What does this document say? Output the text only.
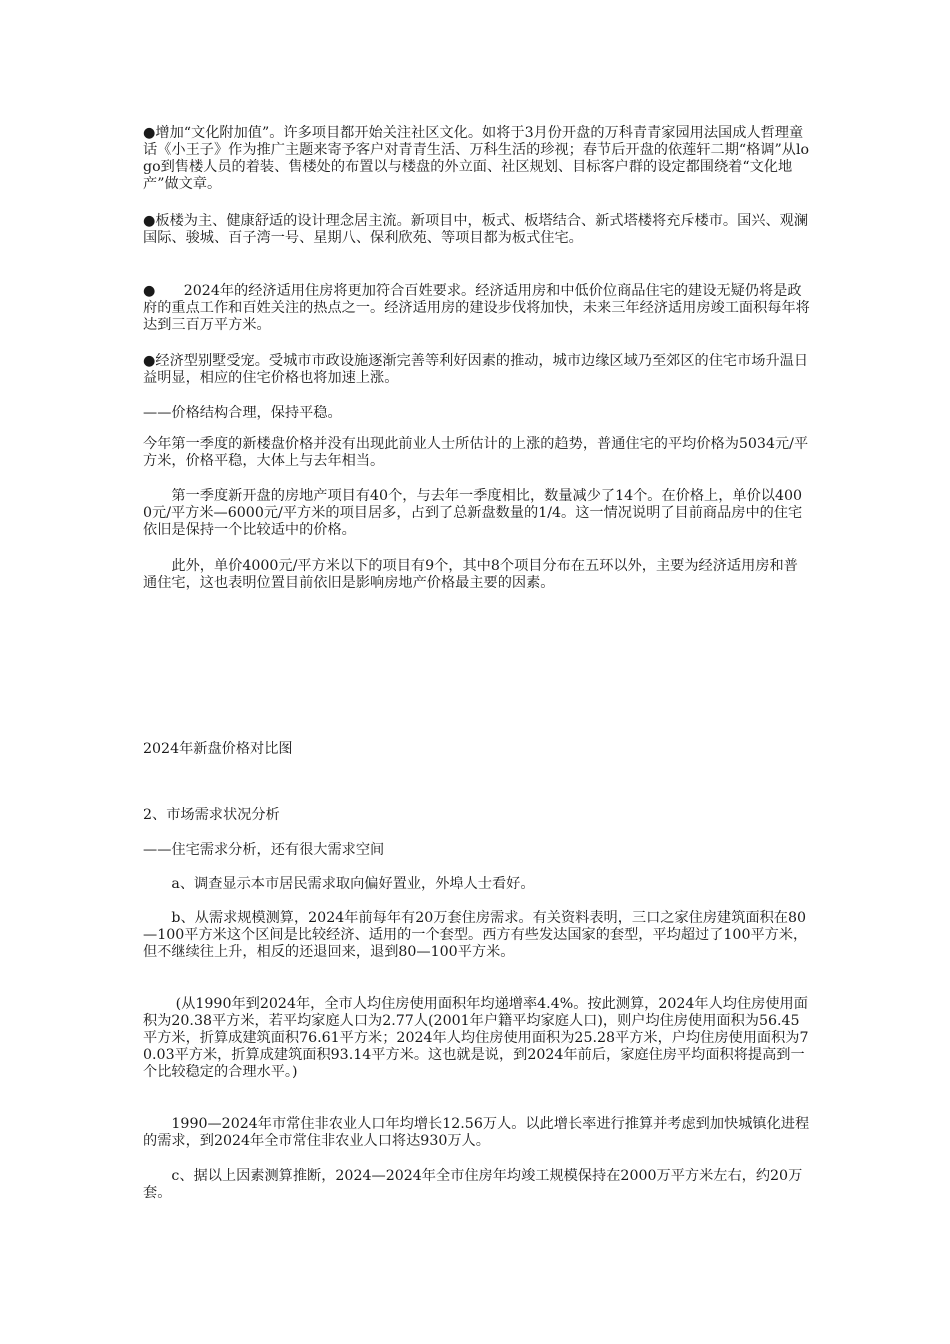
●增加“文化附加值”。许多项目都开始关注社区文化。如将于3月份开盘的万科青青家园用法国成人哲理童话《小王子》作为推广主题来寄予客户对青青生活、万科生活的珍视；春节后开盘的依莲轩二期“格调”从logo到售楼人员的着装、售楼处的布置以与楼盘的外立面、社区规划、目标客户群的设定都围绕着“文化地产”做文章。

●板楼为主、健康舒适的设计理念居主流。新项目中，板式、板塔结合、新式塔楼将充斥楼市。国兴、观澜国际、骏城、百子湾一号、星期八、保利欣苑、等项目都为板式住宅。

●　　2024年的经济适用住房将更加符合百姓要求。经济适用房和中低价位商品住宅的建设无疑仍将是政府的重点工作和百姓关注的热点之一。经济适用房的建设步伐将加快，未来三年经济适用房竣工面积每年将达到三百万平方米。

●经济型别墅受宠。受城市市政设施逐渐完善等利好因素的推动，城市边缘区域乃至郊区的住宅市场升温日益明显，相应的住宅价格也将加速上涨。

——价格结构合理，保持平稳。

今年第一季度的新楼盘价格并没有出现此前业人士所估计的上涨的趋势，普通住宅的平均价格为5034元/平方米，价格平稳，大体上与去年相当。

第一季度新开盘的房地产项目有40个，与去年一季度相比，数量减少了14个。在价格上，单价以4000元/平方米—6000元/平方米的项目居多，占到了总新盘数量的1/4。这一情况说明了目前商品房中的住宅依旧是保持一个比较适中的价格。

此外，单价4000元/平方米以下的项目有9个，其中8个项目分布在五环以外，主要为经济适用房和普通住宅，这也表明位置目前依旧是影响房地产价格最主要的因素。

2024年新盘价格对比图

2、市场需求状况分析

——住宅需求分析，还有很大需求空间

a、调查显示本市居民需求取向偏好置业，外埠人士看好。

b、从需求规模测算，2024年前每年有20万套住房需求。有关资料表明，三口之家住房建筑面积在80—100平方米这个区间是比较经济、适用的一个套型。西方有些发达国家的套型，平均超过了100平方米，但不继续往上升，相反的还退回来，退到80—100平方米。

(从1990年到2024年，全市人均住房使用面积年均递增率4.4%。按此测算，2024年人均住房使用面积为20.38平方米，若平均家庭人口为2.77人(2001年户籍平均家庭人口)，则户均住房使用面积为56.45平方米，折算成建筑面积76.61平方米；2024年人均住房使用面积为25.28平方米，户均住房使用面积为70.03平方米，折算成建筑面积93.14平方米。这也就是说，到2024年前后，家庭住房平均面积将提高到一个比较稳定的合理水平。)

1990—2024年市常住非农业人口年均增长12.56万人。以此增长率进行推算并考虑到加快城镇化进程的需求，到2024年全市常住非农业人口将达930万人。

c、据以上因素测算推断，2024—2024年全市住房年均竣工规模保持在2000万平方米左右，约20万套。
